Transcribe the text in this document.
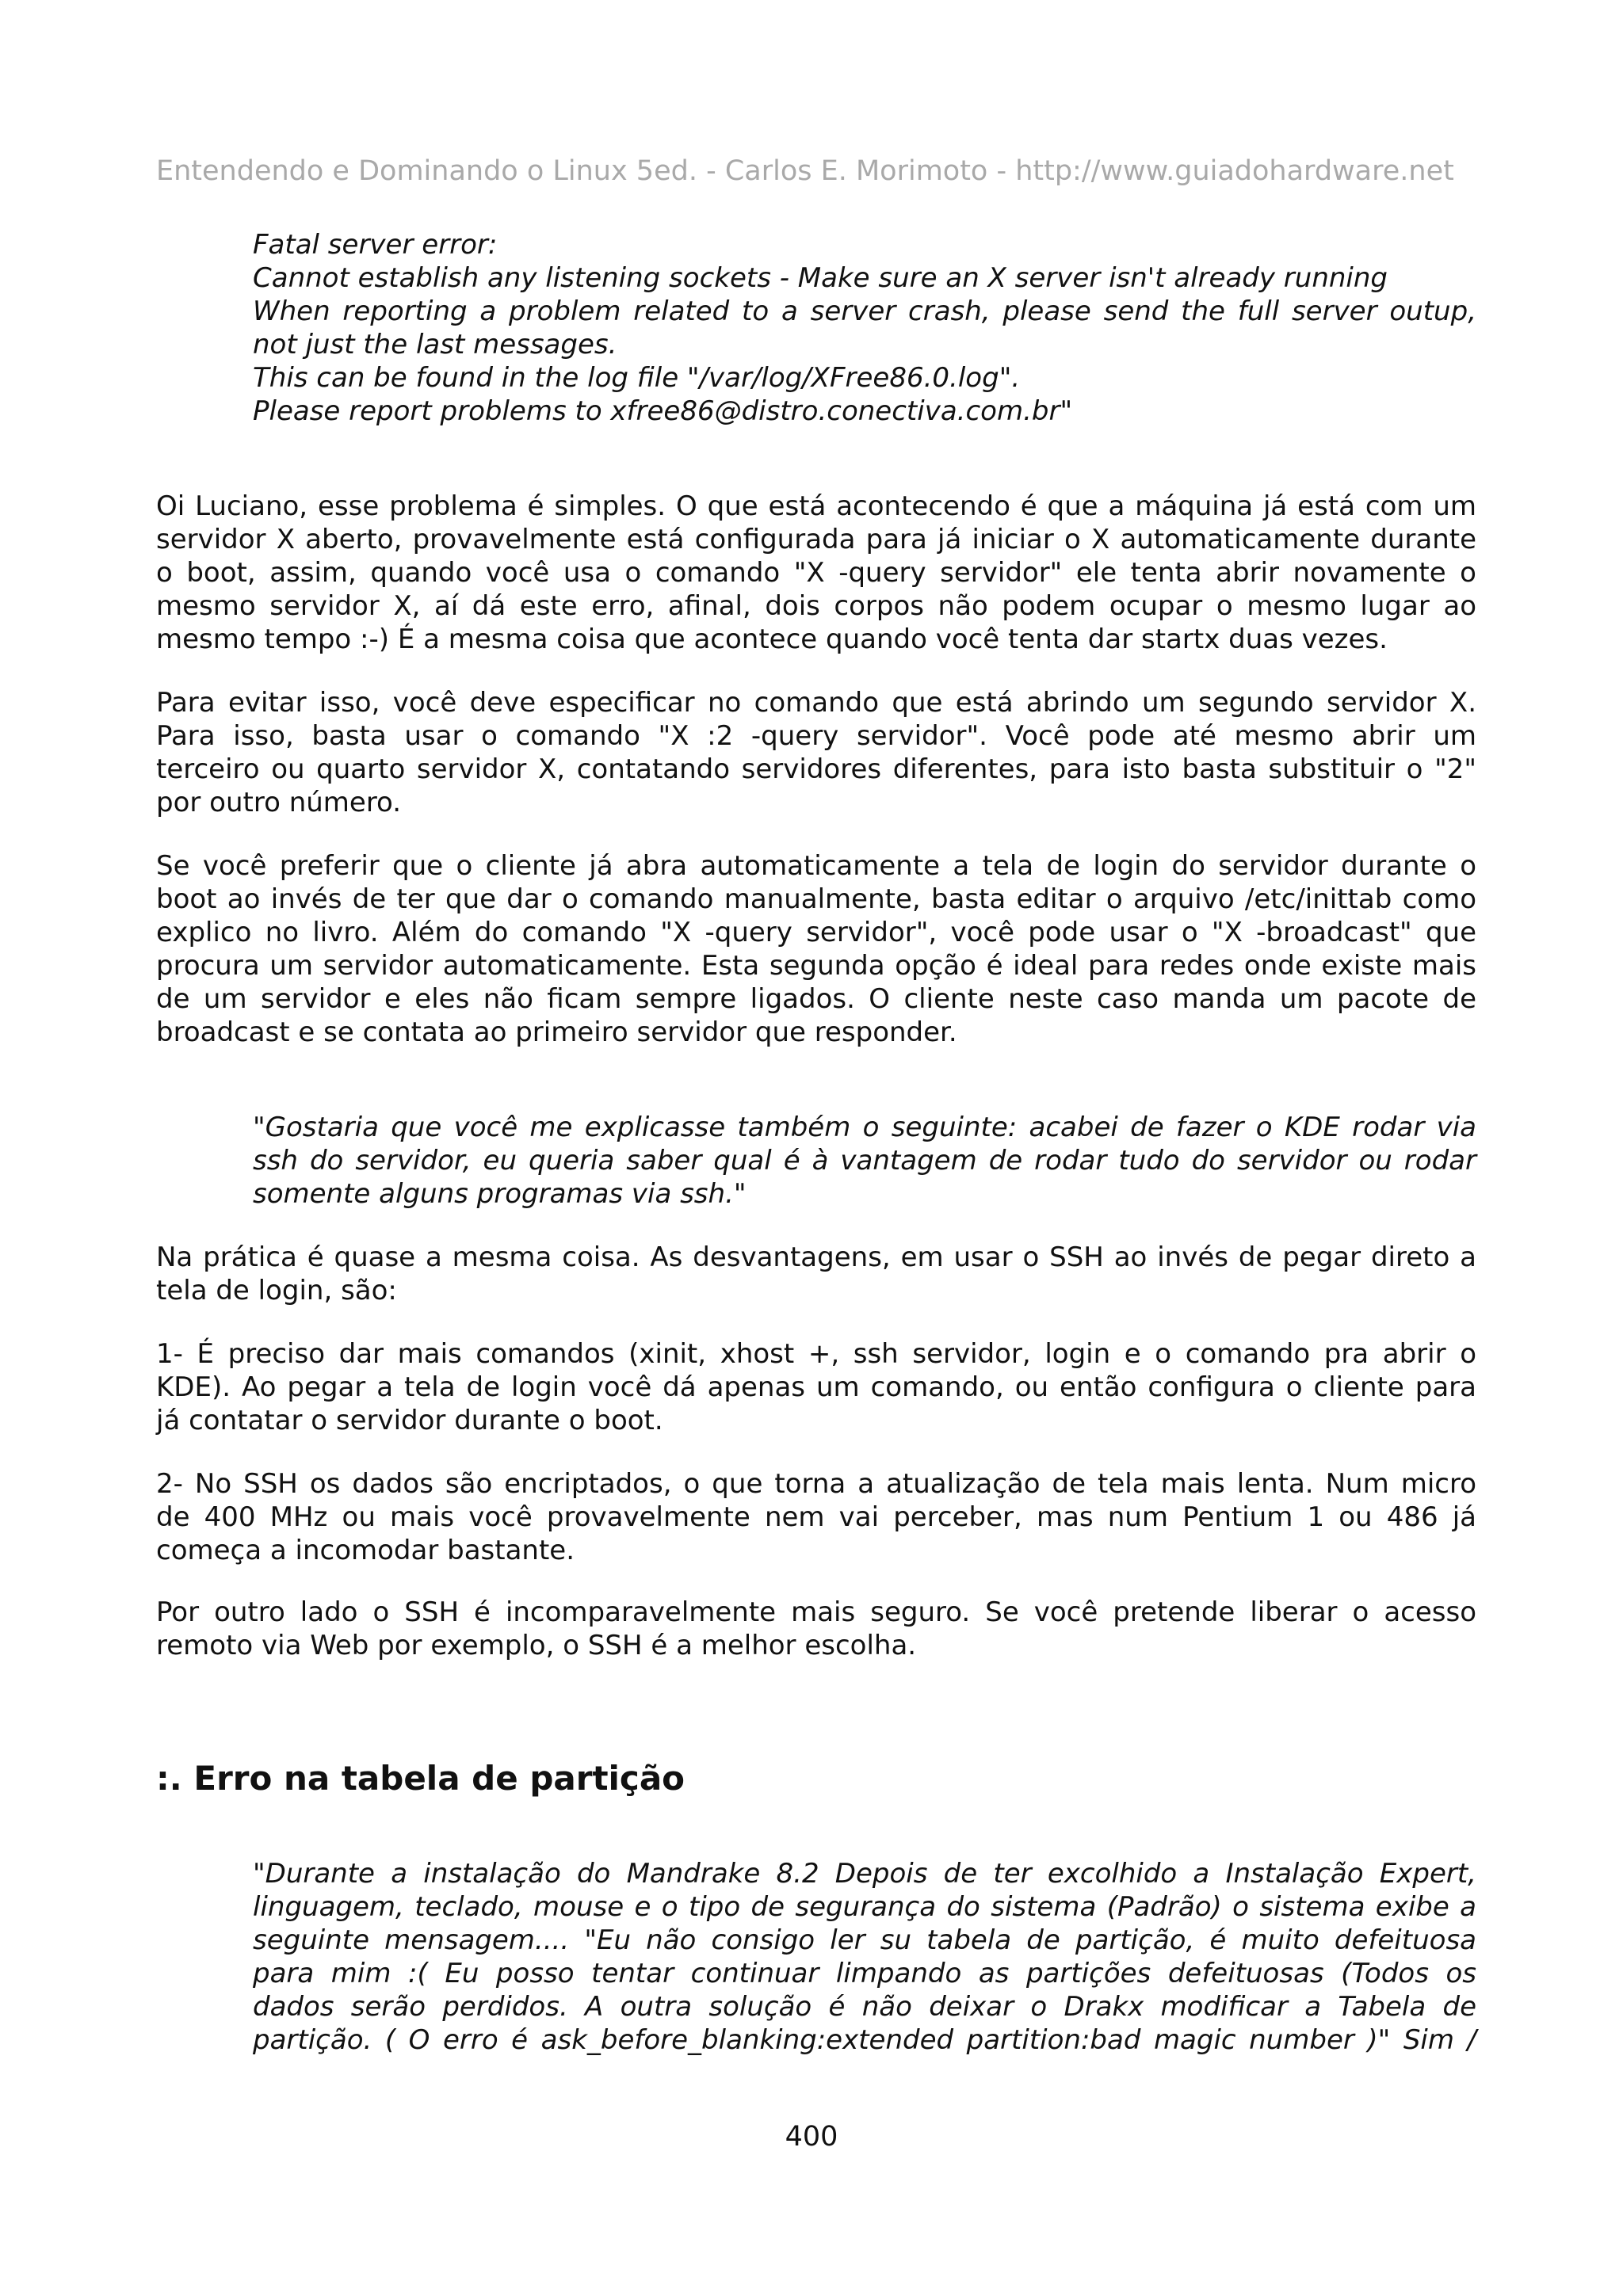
Entendendo e Dominando o Linux 5ed. - Carlos E. Morimoto - http://www.guiadohardware.net
Fatal server error:
Cannot establish any listening sockets - Make sure an X server isn't already running
When reporting a problem related to a server crash, please send the full server outup,
not just the last messages.
This can be found in the log file "/var/log/XFree86.0.log".
Please report problems to xfree86@distro.conectiva.com.br"
Oi Luciano, esse problema é simples. O que está acontecendo é que a máquina já está com um
servidor X aberto, provavelmente está configurada para já iniciar o X automaticamente durante
o boot, assim, quando você usa o comando "X -query servidor" ele tenta abrir novamente o
mesmo servidor X, aí dá este erro, afinal, dois corpos não podem ocupar o mesmo lugar ao
mesmo tempo :-) É a mesma coisa que acontece quando você tenta dar startx duas vezes.
Para evitar isso, você deve especificar no comando que está abrindo um segundo servidor X.
Para isso, basta usar o comando "X :2 -query servidor". Você pode até mesmo abrir um
terceiro ou quarto servidor X, contatando servidores diferentes, para isto basta substituir o "2"
por outro número.
Se você preferir que o cliente já abra automaticamente a tela de login do servidor durante o
boot ao invés de ter que dar o comando manualmente, basta editar o arquivo /etc/inittab como
explico no livro. Além do comando "X -query servidor", você pode usar o "X -broadcast" que
procura um servidor automaticamente. Esta segunda opção é ideal para redes onde existe mais
de um servidor e eles não ficam sempre ligados. O cliente neste caso manda um pacote de
broadcast e se contata ao primeiro servidor que responder.
"Gostaria que você me explicasse também o seguinte: acabei de fazer o KDE rodar via
ssh do servidor, eu queria saber qual é à vantagem de rodar tudo do servidor ou rodar
somente alguns programas via ssh."
Na prática é quase a mesma coisa. As desvantagens, em usar o SSH ao invés de pegar direto a
tela de login, são:
1- É preciso dar mais comandos (xinit, xhost +, ssh servidor, login e o comando pra abrir o
KDE). Ao pegar a tela de login você dá apenas um comando, ou então configura o cliente para
já contatar o servidor durante o boot.
2- No SSH os dados são encriptados, o que torna a atualização de tela mais lenta. Num micro
de 400 MHz ou mais você provavelmente nem vai perceber, mas num Pentium 1 ou 486 já
começa a incomodar bastante.
Por outro lado o SSH é incomparavelmente mais seguro. Se você pretende liberar o acesso
remoto via Web por exemplo, o SSH é a melhor escolha.
:. Erro na tabela de partição
"Durante a instalação do Mandrake 8.2 Depois de ter excolhido a Instalação Expert,
linguagem, teclado, mouse e o tipo de segurança do sistema (Padrão) o sistema exibe a
seguinte mensagem.... "Eu não consigo ler su tabela de partição, é muito defeituosa
para mim :( Eu posso tentar continuar limpando as partições defeituosas (Todos os
dados serão perdidos. A outra solução é não deixar o Drakx modificar a Tabela de
partição. ( O erro é ask_before_blanking:extended partition:bad magic number )" Sim /
400
